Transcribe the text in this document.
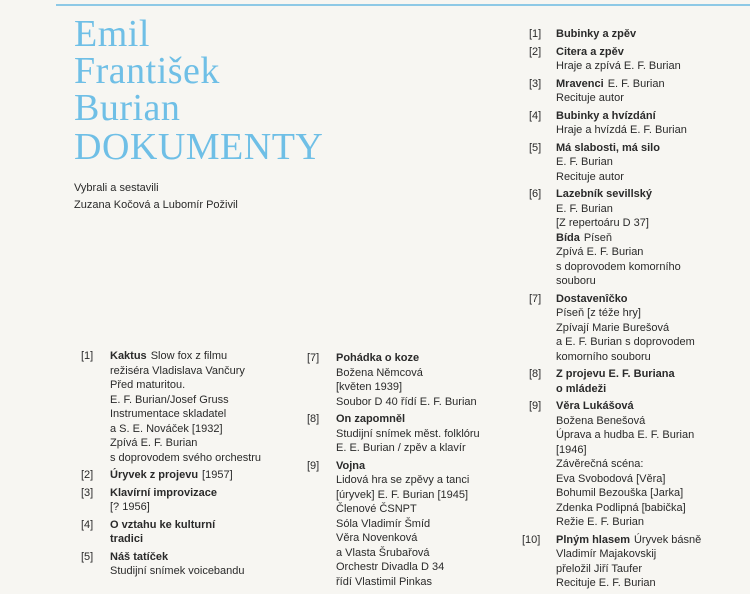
Emil
František
Burian
DOKUMENTY
Vybrali a sestavili
Zuzana Kočová a Lubomír Poživil
[1] Kaktus Slow fox z filmu
režiséra Vladislava Vančury
Před maturitou.
E. F. Burian/Josef Gruss
Instrumentace skladatel
a S. E. Nováček [1932]
Zpívá E. F. Burian
s doprovodem svého orchestru
[2] Úryvek z projevu [1957]
[3] Klavírní improvizace
[? 1956]
[4] O vztahu ke kulturní
tradici
[5] Náš tatíček
Studijní snímek voicebandu
[7] Pohádka o koze
Božena Němcová
[květen 1939]
Soubor D 40 řídí E. F. Burian
[8] On zapomněl
Studijní snímek měst. folklóru
E. E. Burian / zpěv a klavír
[9] Vojna
Lidová hra se zpěvy a tanci
[úryvek] E. F. Burian [1945]
Členové ČSNPT
Sóla Vladimír Šmíd
Věra Novenková
a Vlasta Šrubařová
Orchestr Divadla D 34
řídí Vlastimil Pinkas
[1] Bubinky a zpěv
[2] Citera a zpěv
Hraje a zpívá E. F. Burian
[3] Mravenci E. F. Burian
Recituje autor
[4] Bubinky a hvízdání
Hraje a hvízdá E. F. Burian
[5] Má slabosti, má silo
E. F. Burian
Recituje autor
[6] Lazebník sevillský
E. F. Burian
[Z repertoáru D 37]
Bída Píseň
Zpívá E. F. Burian
s doprovodem komorního
souboru
[7] Dostavenîčko
Píseň [z téže hry]
Zpívají Marie Burešová
a E. F. Burian s doprovodem
komorního souboru
[8] Z projevu E. F. Buriana
o mládeži
[9] Věra Lukášová
Božena Benešová
Úprava a hudba E. F. Burian
[1946]
Závěrečná scéna:
Eva Svobodová [Věra]
Bohumil Bezouška [Jarka]
Zdenka Podlipná [babička]
Režie E. F. Burian
[10] Plným hlasem Úryvek básně
Vladimír Majakovskij
přeložil Jiří Taufer
Recituje E. F. Burian
